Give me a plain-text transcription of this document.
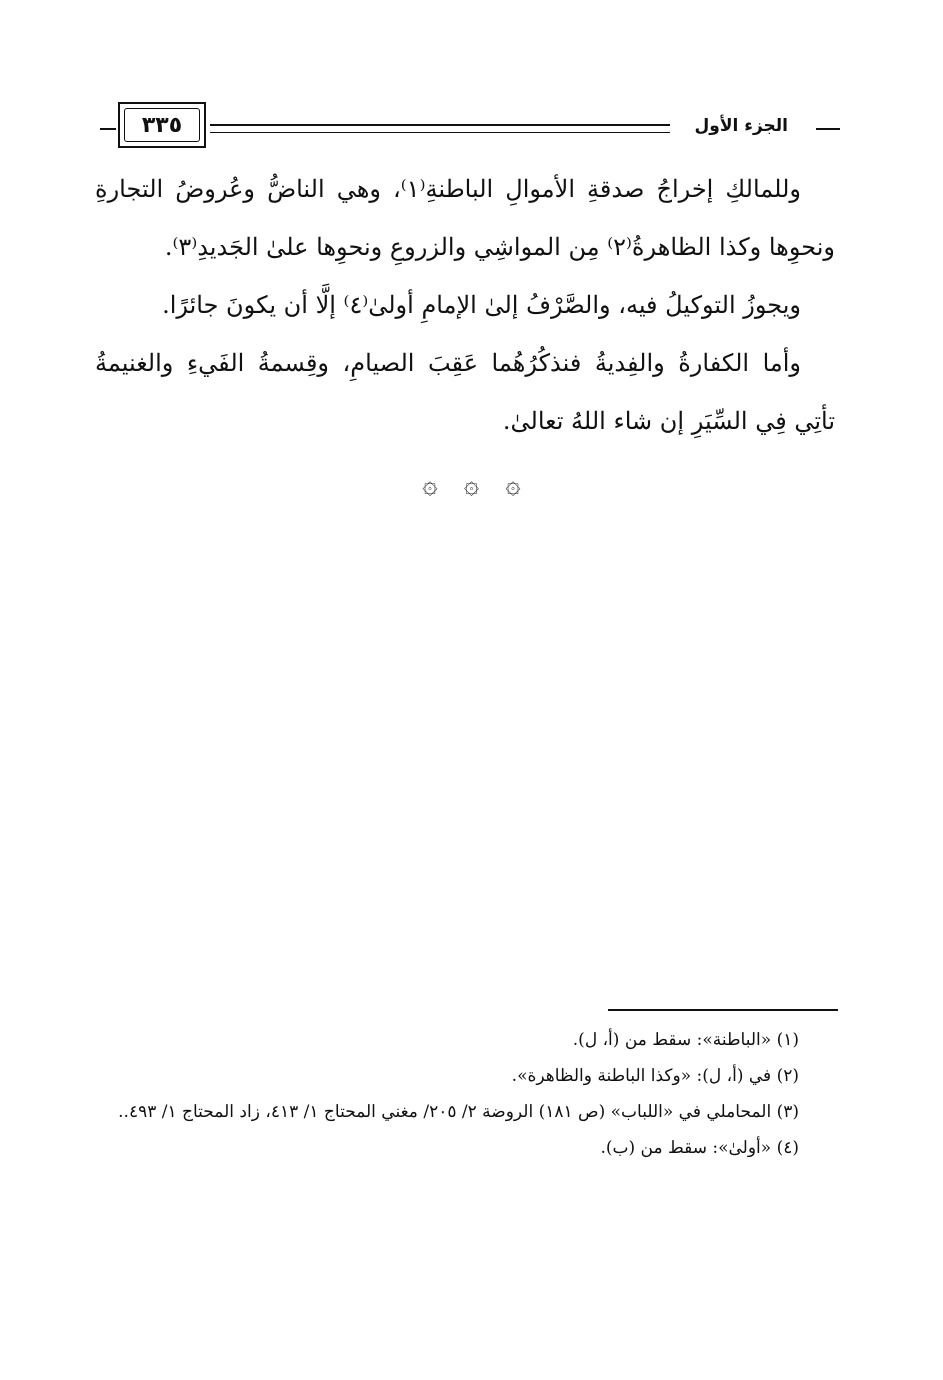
الجزء الأول
٣٣٥

وللمالكِ إخراجُ صدقةِ الأموالِ الباطنةِ⁽١⁾، وهي الناضُّ وعُروضُ التجارةِ ونحوِها وكذا الظاهرةُ⁽٢⁾ مِن المواشِي والزروعِ ونحوِها علىٰ الجَديدِ⁽٣⁾.

ويجوزُ التوكيلُ فيه، والصَّرْفُ إلىٰ الإمامِ أولىٰ⁽٤⁾ إلَّا أن يكونَ جائرًا.

وأما الكفارةُ والفِديةُ فنذكُرُهُما عَقِبَ الصيامِ، وقِسمةُ الفَيءِ والغنيمةُ تأتِي فِي السِّيَرِ إن شاء اللهُ تعالىٰ.

۞ ۞ ۞

(١) «الباطنة»: سقط من (أ، ل).

(٢) في (أ، ل): «وكذا الباطنة والظاهرة».

(٣) المحاملي في «اللباب» (ص ١٨١) الروضة ٢/ ٢٠٥/ مغني المحتاج ١/ ٤١٣، زاد المحتاج ١/ ٤٩٣..

(٤) «أولىٰ»: سقط من (ب).
